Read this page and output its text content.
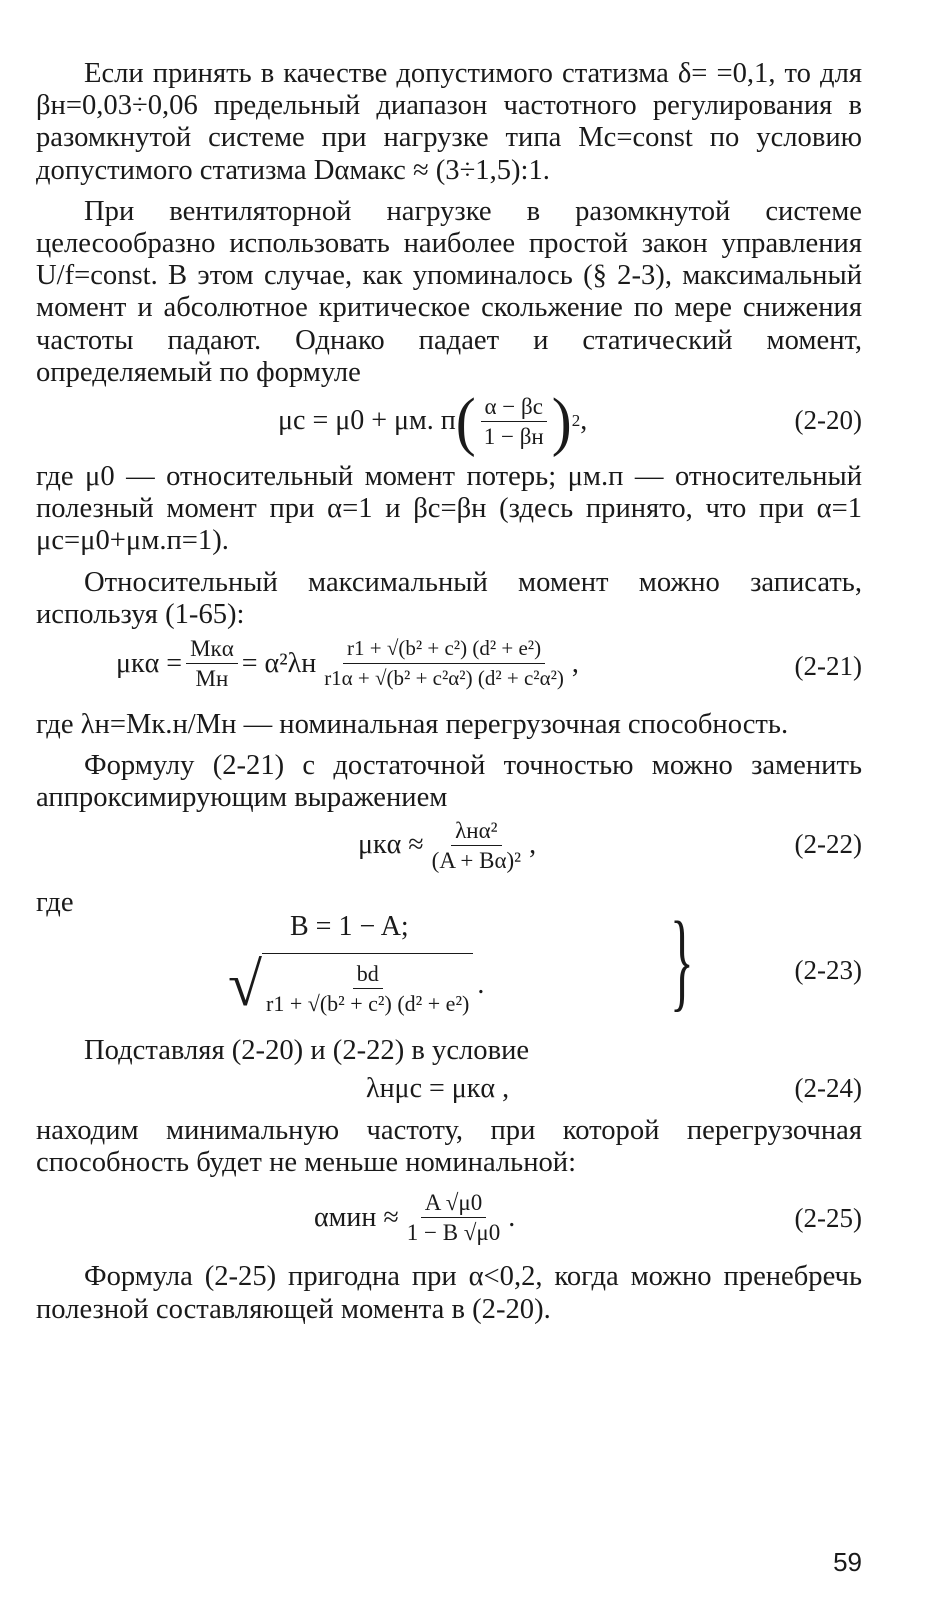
Если принять в качестве допустимого статизма δ= =0,1, то для βн=0,03÷0,06 предельный диапазон частотного регулирования в разомкнутой системе при нагрузке типа Mc=const по условию допустимого статизма Dαмакс ≈ (3÷1,5):1.

При вентиляторной нагрузке в разомкнутой системе целесообразно использовать наиболее простой закон управления U/f=const. В этом случае, как упоминалось (§ 2-3), максимальный момент и абсолютное критическое скольжение по мере снижения частоты падают. Однако падает и статический момент, определяемый по формуле

μc = μ0 + μм. п ( $\frac{\alpha - \beta c}{1 - \beta н}$ ) 2 ,	(2-20)

где μ0 — относительный момент потерь; μм.п — относительный полезный момент при α=1 и βc=βн (здесь принято, что при α=1 μc=μ0+μм.п=1).

Относительный максимальный момент можно записать, используя (1-65):

$\mu к\alpha = \frac{\text{Mкα}}{Mн} = \alpha^2\lambda н \frac{\text{r1 + √(b² + c²) (d² + e²)}}{\text{r1α + √(b² + c²α²) (d² + c²α²)}}$ ,	(2-21)

где λн=Mк.н/Mн — номинальная перегрузочная способность.

Формулу (2-21) с достаточной точностью можно заменить аппроксимирующим выражением

$\mu к\alpha \approx \frac{\text{λнα²}}{\text{(A + Bα)²}}$ ,	(2-22)

где

B = 1 − A;
√ $\frac{bd}{\text{r1 + √(b² + c²) (d² + e²)}}$ . }	(2-23)

Подставляя (2-20) и (2-22) в условие

λнμc = μкα ,	(2-24)

находим минимальную частоту, при которой перегрузочная способность будет не меньше номинальной:

$\alpha мин \approx \frac{A √\mu 0}{1 - B √\mu 0}$ .	(2-25)

Формула (2-25) пригодна при α<0,2, когда можно пренебречь полезной составляющей момента в (2-20).

59
